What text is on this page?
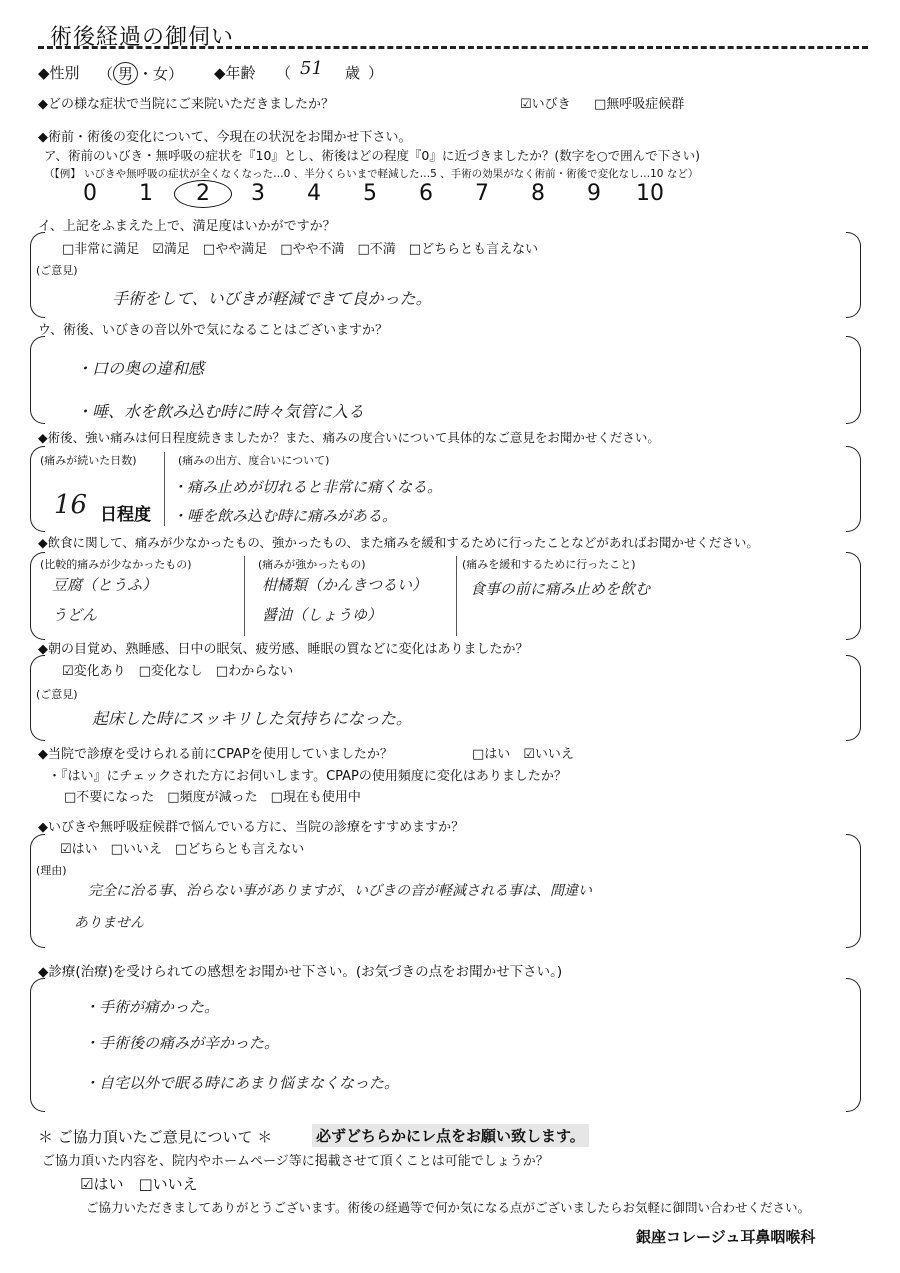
術後経過の御伺い
◆性別 （ 男 ・女） ◆年齢 （ 51 歳 ）
◆どの様な症状で当院にご来院いただきましたか？	☑いびき □無呼吸症候群
◆術前・術後の変化について、今現在の状況をお聞かせ下さい。
ア、術前のいびき・無呼吸の症状を『10』とし、術後はどの程度『0』に近づきましたか？(数字を○で囲んで下さい)
（【例】 いびきや無呼吸の症状が全くなくなった…0 、半分くらいまで軽減した…5 、手術の効果がなく術前・術後で変化なし…10 など）
0 1 2 3 4 5 6 7 8 9 10
イ、上記をふまえた上で、満足度はいかがですか？
□非常に満足　☑満足　□やや満足　□やや不満　□不満　□どちらとも言えない
(ご意見)
手術をして、いびきが軽減できて良かった。
ウ、術後、いびきの音以外で気になることはございますか？
・口の奥の違和感
・唾、水を飲み込む時に時々気管に入る
◆術後、強い痛みは何日程度続きましたか？また、痛みの度合いについて具体的なご意見をお聞かせください。
(痛みが続いた日数)
16 日程度
(痛みの出方、度合いについて)
・痛み止めが切れると非常に痛くなる。
・唾を飲み込む時に痛みがある。
◆飲食に関して、痛みが少なかったもの、強かったもの、また痛みを緩和するために行ったことなどがあればお聞かせください。
(比較的痛みが少なかったもの)
豆腐（とうふ）
うどん
(痛みが強かったもの)
柑橘類（かんきつるい）
醤油（しょうゆ）
(痛みを緩和するために行ったこと)
食事の前に痛み止めを飲む
◆朝の目覚め、熟睡感、日中の眠気、疲労感、睡眠の質などに変化はありましたか？
☑変化あり　□変化なし　□わからない
(ご意見)
起床した時にスッキリした気持ちになった。
◆当院で診療を受けられる前にCPAPを使用していましたか？	□はい　☑いいえ
・『はい』にチェックされた方にお伺いします。CPAPの使用頻度に変化はありましたか？
□不要になった　□頻度が減った　□現在も使用中
◆いびきや無呼吸症候群で悩んでいる方に、当院の診療をすすめますか？
☑はい　□いいえ　□どちらとも言えない
(理由)
完全に治る事、治らない事がありますが、いびきの音が軽減される事は、間違い
ありません
◆診療(治療)を受けられての感想をお聞かせ下さい。(お気づきの点をお聞かせ下さい。)
・手術が痛かった。
・手術後の痛みが辛かった。
・自宅以外で眠る時にあまり悩まなくなった。
＊ ご協力頂いたご意見について ＊	必ずどちらかにレ点をお願い致します。
ご協力頂いた内容を、院内やホームページ等に掲載させて頂くことは可能でしょうか？
☑はい　□いいえ
ご協力いただきましてありがとうございます。術後の経過等で何か気になる点がございましたらお気軽に御問い合わせください。
銀座コレージュ耳鼻咽喉科
